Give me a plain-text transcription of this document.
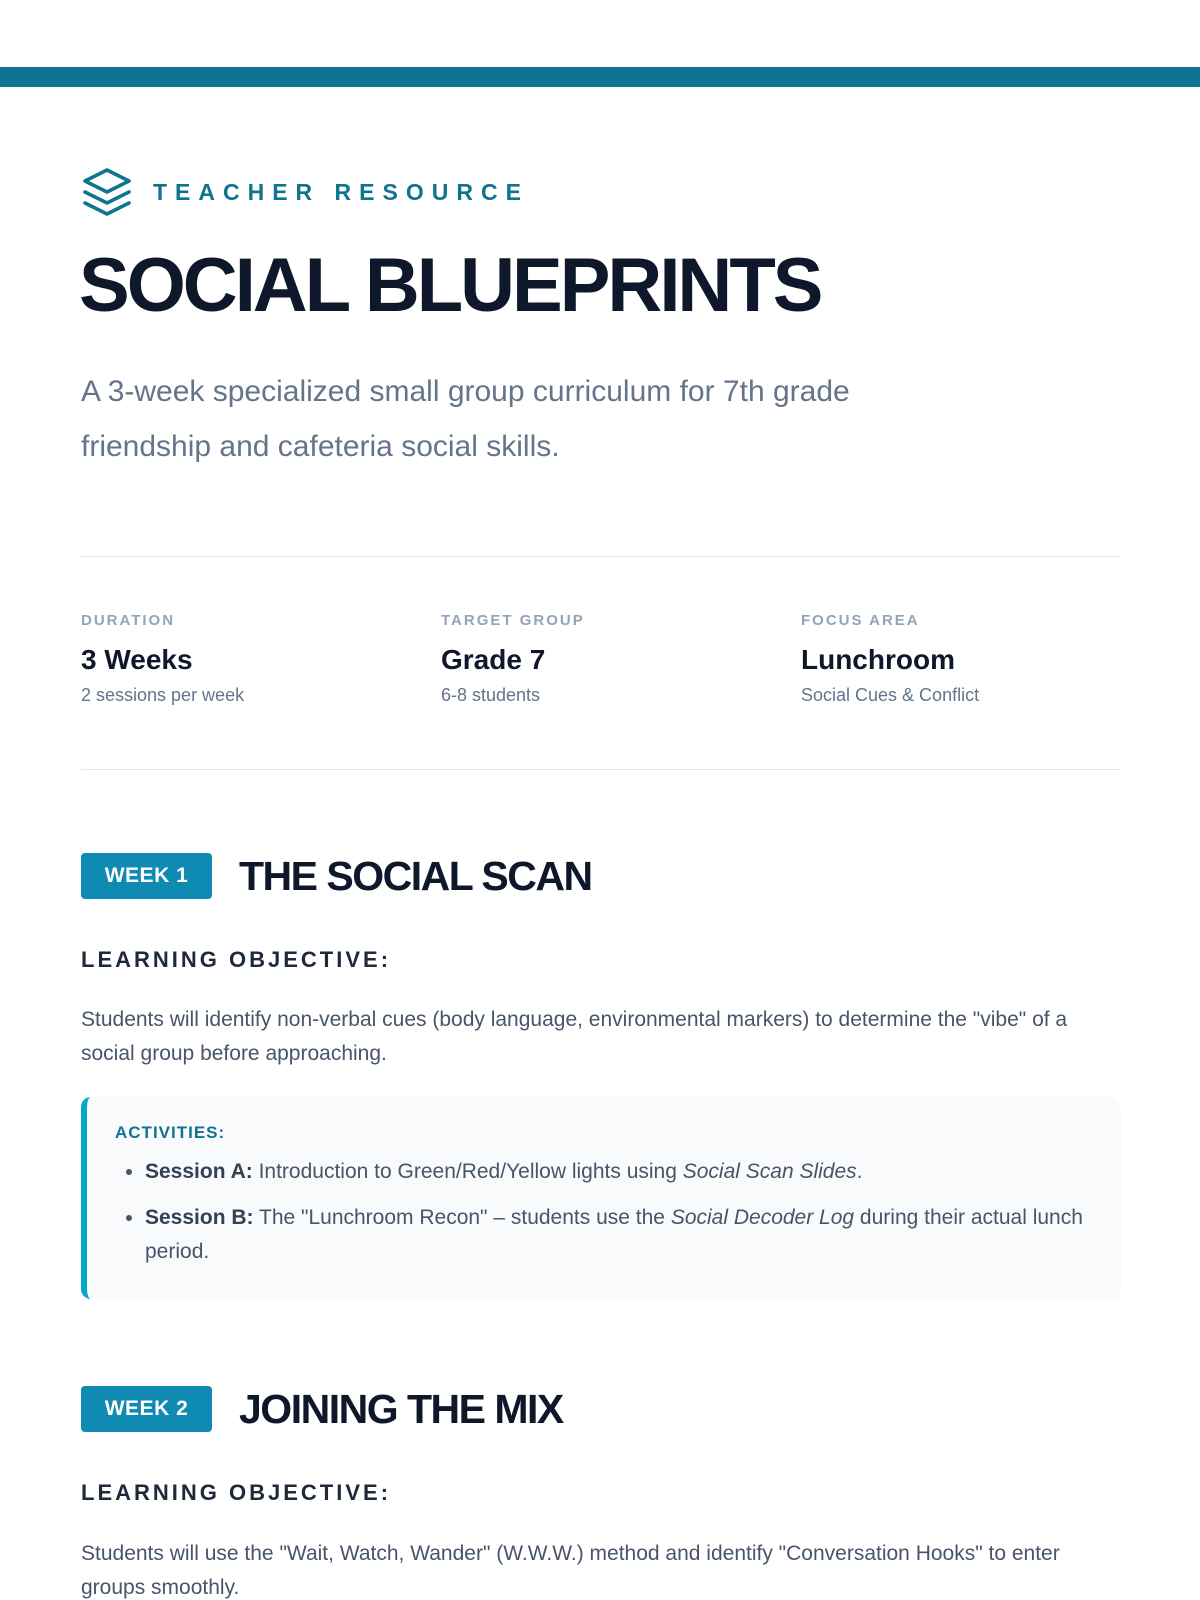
TEACHER RESOURCE
SOCIAL BLUEPRINTS

A 3-week specialized small group curriculum for 7th grade friendship and cafeteria social skills.

DURATION
3 Weeks
2 sessions per week
TARGET GROUP
Grade 7
6-8 students
FOCUS AREA
Lunchroom
Social Cues & Conflict
WEEK 1	THE SOCIAL SCAN
LEARNING OBJECTIVE:

Students will identify non-verbal cues (body language, environmental markers) to determine the "vibe" of a social group before approaching.

ACTIVITIES:
• Session A: Introduction to Green/Red/Yellow lights using Social Scan Slides.
• Session B: The "Lunchroom Recon" – students use the Social Decoder Log during their actual lunch period.
WEEK 2	JOINING THE MIX
LEARNING OBJECTIVE:

Students will use the "Wait, Watch, Wander" (W.W.W.) method and identify "Conversation Hooks" to enter groups smoothly.
